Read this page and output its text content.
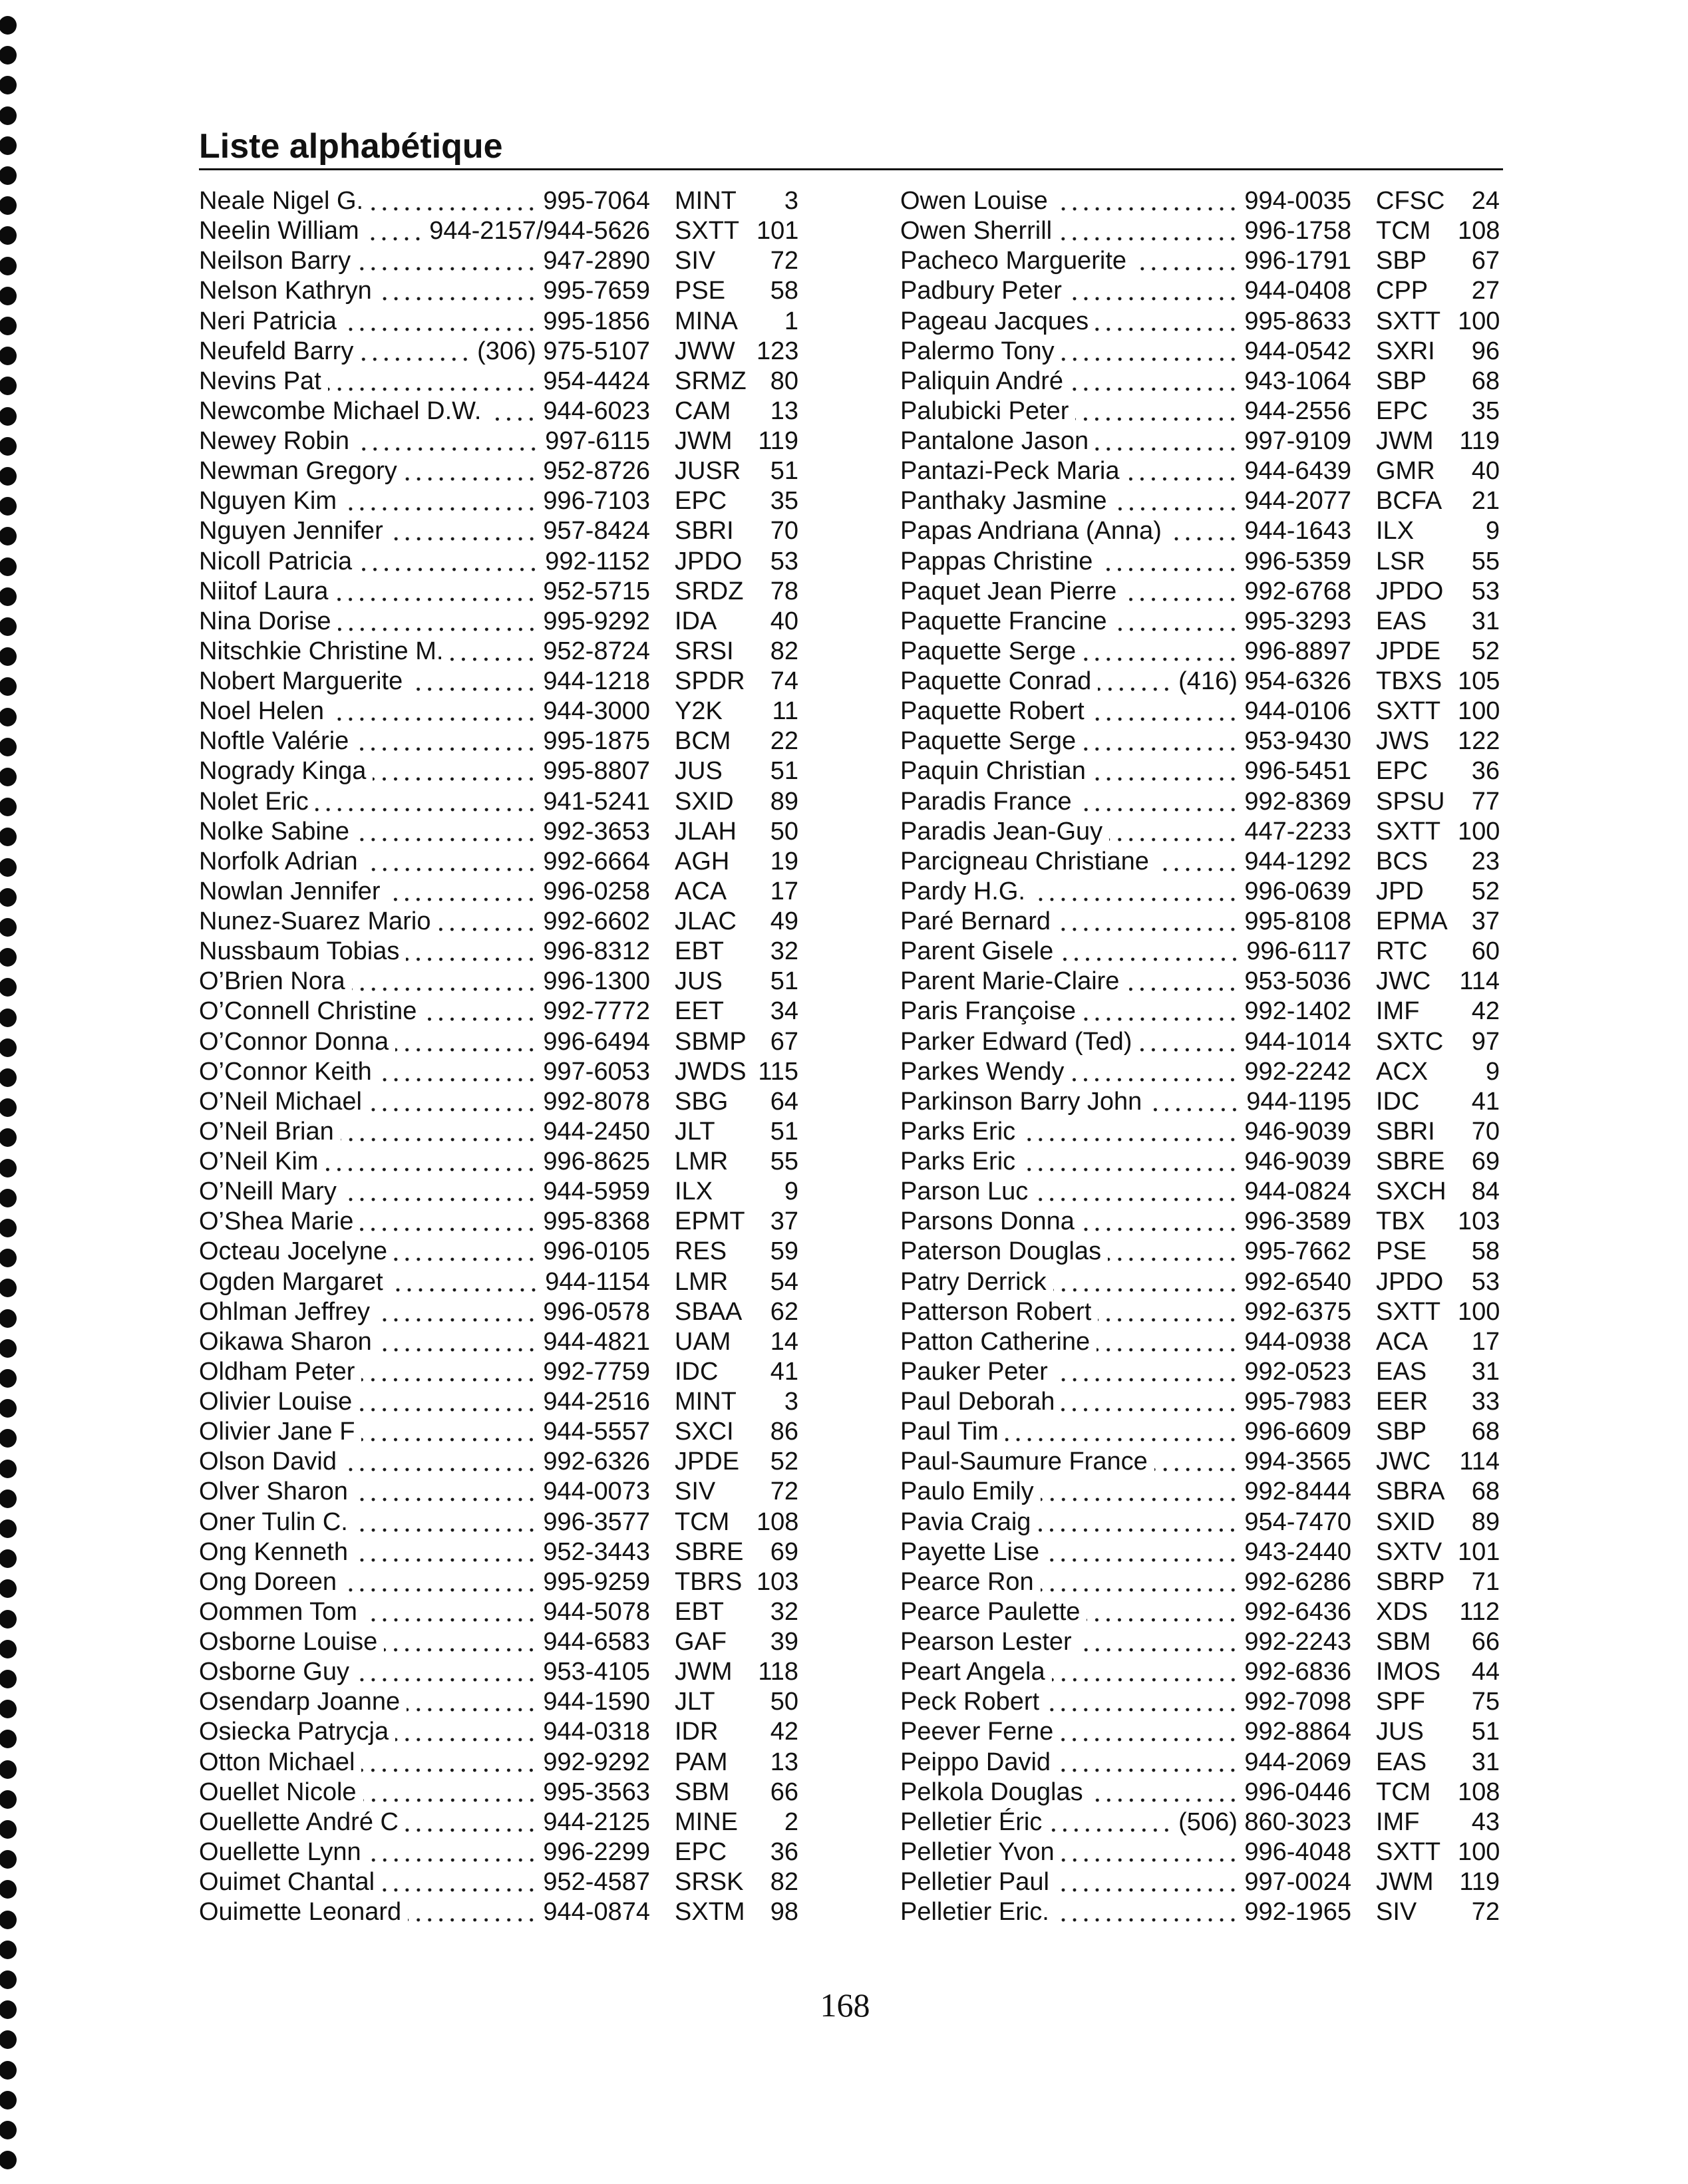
Liste alphabétique
Neale Nigel G.	995-7064 MINT	3
Neelin William	944-2157/944-5626 SXTT 101
Neilson Barry	947-2890 SIV	72
Nelson Kathryn	995-7659 PSE	58
Neri Patricia	995-1856 MINA	1
Neufeld Barry	(306) 975-5107 JWW 123
Nevins Pat	954-4424 SRMZ 80
Newcombe Michael D.W. 944-6023 CAM	13
Newey Robin	997-6115 JWM	119
Newman Gregory	952-8726 JUSR	51
Nguyen Kim	996-7103 EPC	35
Nguyen Jennifer	957-8424 SBRI	70
Nicoll Patricia	992-1152 JPDO	53
Niitof Laura	952-5715 SRDZ	78
Nina Dorise	995-9292 IDA	40
Nitschkie Christine M.	952-8724 SRSI	82
Nobert Marguerite	944-1218 SPDR	74
Noel Helen	944-3000 Y2K	11
Noftle Valérie	995-1875 BCM	22
Nogrady Kinga	995-8807 JUS	51
Nolet Eric	941-5241 SXID	89
Nolke Sabine	992-3653 JLAH	50
Norfolk Adrian	992-6664 AGH	19
Nowlan Jennifer	996-0258 ACA	17
Nunez-Suarez Mario	992-6602 JLAC	49
Nussbaum Tobias	996-8312 EBT	32
O’Brien Nora	996-1300 JUS	51
O’Connell Christine	992-7772 EET	34
O’Connor Donna	996-6494 SBMP 67
O’Connor Keith	997-6053 JWDS 115
O’Neil Michael	992-8078 SBG	64
O’Neil Brian	944-2450 JLT	51
O’Neil Kim	996-8625 LMR	55
O’Neill Mary	944-5959 ILX	9
O’Shea Marie	995-8368 EPMT	37
Octeau Jocelyne	996-0105 RES	59
Ogden Margaret	944-1154 LMR	54
Ohlman Jeffrey	996-0578 SBAA	62
Oikawa Sharon	944-4821 UAM	14
Oldham Peter	992-7759 IDC	41
Olivier Louise	944-2516 MINT	3
Olivier Jane F	944-5557 SXCI	86
Olson David	992-6326 JPDE	52
Olver Sharon	944-0073 SIV	72
Oner Tulin C.	996-3577 TCM	108
Ong Kenneth	952-3443 SBRE	69
Ong Doreen	995-9259 TBRS 103
Oommen Tom	944-5078 EBT	32
Osborne Louise	944-6583 GAF	39
Osborne Guy	953-4105 JWM	118
Osendarp Joanne	944-1590 JLT	50
Osiecka Patrycja	944-0318 IDR	42
Otton Michael	992-9292 PAM	13
Ouellet Nicole	995-3563 SBM	66
Ouellette André C	944-2125 MINE	2
Ouellette Lynn	996-2299 EPC	36
Ouimet Chantal	952-4587 SRSK	82
Ouimette Leonard	944-0874 SXTM	98
Owen Louise	994-0035 CFSC	24
Owen Sherrill	996-1758 TCM	108
Pacheco Marguerite	996-1791 SBP	67
Padbury Peter	944-0408 CPP	27
Pageau Jacques	995-8633 SXTT 100
Palermo Tony	944-0542 SXRI	96
Paliquin André	943-1064 SBP	68
Palubicki Peter	944-2556 EPC	35
Pantalone Jason	997-9109 JWM	119
Pantazi-Peck Maria	944-6439 GMR	40
Panthaky Jasmine	944-2077 BCFA	21
Papas Andriana (Anna)	944-1643 ILX	9
Pappas Christine	996-5359 LSR	55
Paquet Jean Pierre	992-6768 JPDO	53
Paquette Francine	995-3293 EAS	31
Paquette Serge	996-8897 JPDE	52
Paquette Conrad	(416) 954-6326 TBXS 105
Paquette Robert	944-0106 SXTT 100
Paquette Serge	953-9430 JWS	122
Paquin Christian	996-5451 EPC	36
Paradis France	992-8369 SPSU	77
Paradis Jean-Guy	447-2233 SXTT 100
Parcigneau Christiane	944-1292 BCS	23
Pardy H.G.	996-0639 JPD	52
Paré Bernard	995-8108 EPMA 37
Parent Gisele	996-6117 RTC	60
Parent Marie-Claire	953-5036 JWC	114
Paris Françoise	992-1402 IMF	42
Parker Edward (Ted)	944-1014 SXTC	97
Parkes Wendy	992-2242 ACX	9
Parkinson Barry John	944-1195 IDC	41
Parks Eric	946-9039 SBRI	70
Parks Eric	946-9039 SBRE	69
Parson Luc	944-0824 SXCH	84
Parsons Donna	996-3589 TBX	103
Paterson Douglas	995-7662 PSE	58
Patry Derrick	992-6540 JPDO	53
Patterson Robert	992-6375 SXTT 100
Patton Catherine	944-0938 ACA	17
Pauker Peter	992-0523 EAS	31
Paul Deborah	995-7983 EER	33
Paul Tim	996-6609 SBP	68
Paul-Saumure France	994-3565 JWC	114
Paulo Emily	992-8444 SBRA	68
Pavia Craig	954-7470 SXID	89
Payette Lise	943-2440 SXTV 101
Pearce Ron	992-6286 SBRP	71
Pearce Paulette	992-6436 XDS	112
Pearson Lester	992-2243 SBM	66
Peart Angela	992-6836 IMOS	44
Peck Robert	992-7098 SPF	75
Peever Ferne	992-8864 JUS	51
Peippo David	944-2069 EAS	31
Pelkola Douglas	996-0446 TCM	108
Pelletier Éric	(506) 860-3023 IMF	43
Pelletier Yvon	996-4048 SXTT 100
Pelletier Paul	997-0024 JWM	119
Pelletier Eric.	992-1965 SIV	72
168
